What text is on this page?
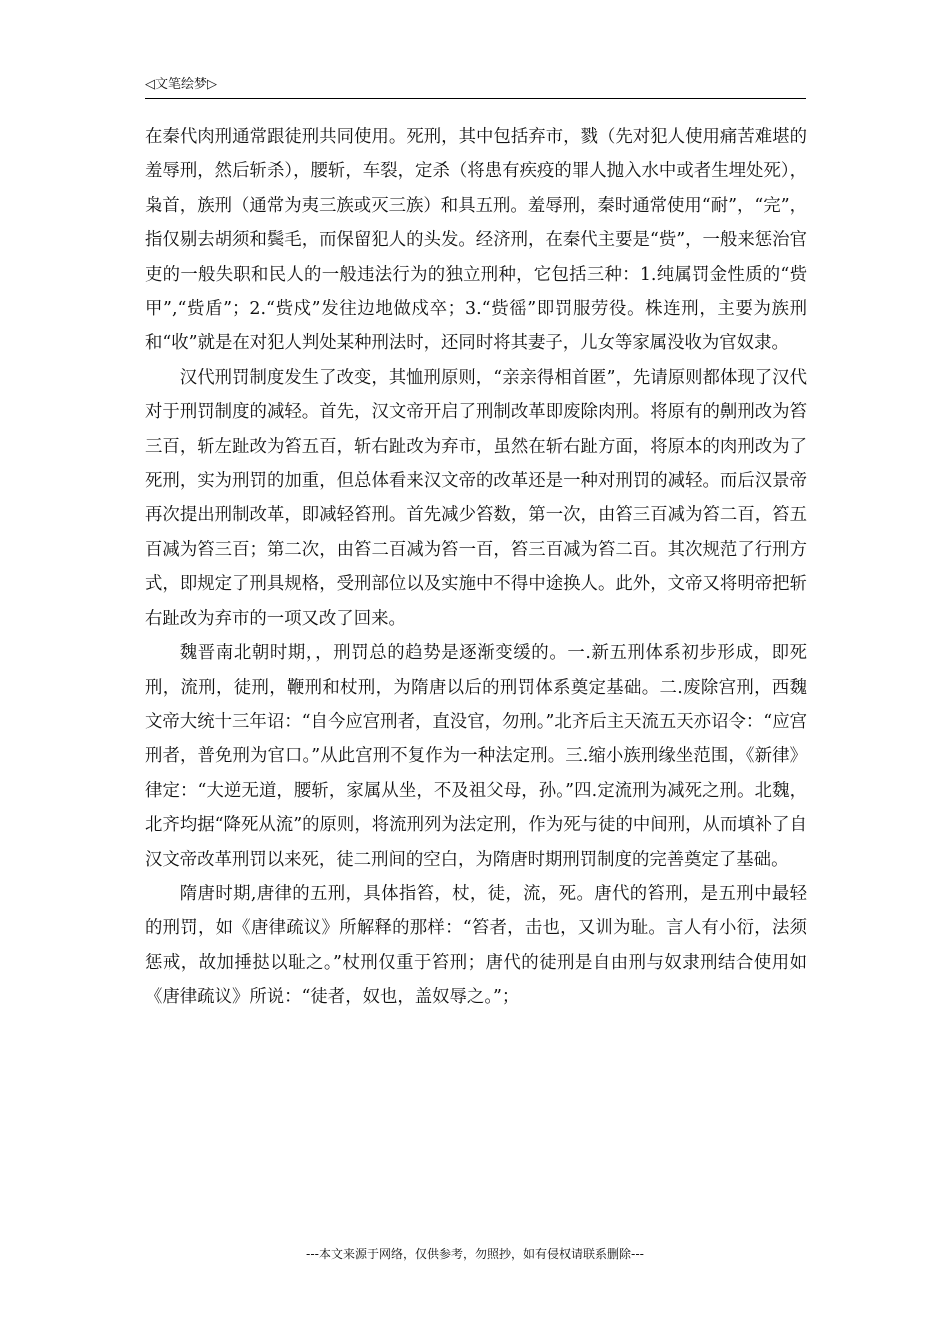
◁文笔绘梦▷

在秦代肉刑通常跟徒刑共同使用。死刑，其中包括弃市，戮（先对犯人使用痛苦难堪的羞辱刑，然后斩杀），腰斩，车裂，定杀（将患有疾疫的罪人抛入水中或者生埋处死），枭首，族刑（通常为夷三族或灭三族）和具五刑。羞辱刑，秦时通常使用“耐”，“完”，指仅剔去胡须和鬓毛，而保留犯人的头发。经济刑，在秦代主要是“赀”，一般来惩治官吏的一般失职和民人的一般违法行为的独立刑种，它包括三种：1.纯属罚金性质的“赀甲”,“赀盾”；2.“赀戍”发往边地做戍卒；3.“赀徭”即罚服劳役。株连刑，主要为族刑和“收”就是在对犯人判处某种刑法时，还同时将其妻子，儿女等家属没收为官奴隶。

汉代刑罚制度发生了改变，其恤刑原则，“亲亲得相首匿”，先请原则都体现了汉代对于刑罚制度的减轻。首先，汉文帝开启了刑制改革即废除肉刑。将原有的劓刑改为笞三百，斩左趾改为笞五百，斩右趾改为弃市，虽然在斩右趾方面，将原本的肉刑改为了死刑，实为刑罚的加重，但总体看来汉文帝的改革还是一种对刑罚的减轻。而后汉景帝再次提出刑制改革，即减轻笞刑。首先减少笞数，第一次，由笞三百减为笞二百，笞五百减为笞三百；第二次，由笞二百减为笞一百，笞三百减为笞二百。其次规范了行刑方式，即规定了刑具规格，受刑部位以及实施中不得中途换人。此外，文帝又将明帝把斩右趾改为弃市的一项又改了回来。

魏晋南北朝时期，，刑罚总的趋势是逐渐变缓的。一.新五刑体系初步形成，即死刑，流刑，徒刑，鞭刑和杖刑，为隋唐以后的刑罚体系奠定基础。二.废除宫刑，西魏文帝大统十三年诏：“自今应宫刑者，直没官，勿刑。”北齐后主天流五天亦诏令：“应宫刑者，普免刑为官口。”从此宫刑不复作为一种法定刑。三.缩小族刑缘坐范围，《新律》律定：“大逆无道，腰斩，家属从坐，不及祖父母，孙。”四.定流刑为减死之刑。北魏，北齐均据“降死从流”的原则，将流刑列为法定刑，作为死与徒的中间刑，从而填补了自汉文帝改革刑罚以来死，徒二刑间的空白，为隋唐时期刑罚制度的完善奠定了基础。

隋唐时期,唐律的五刑，具体指笞，杖，徒，流，死。唐代的笞刑，是五刑中最轻的刑罚，如《唐律疏议》所解释的那样：“笞者，击也，又训为耻。言人有小衍，法须惩戒，故加捶挞以耻之。”杖刑仅重于笞刑；唐代的徒刑是自由刑与奴隶刑结合使用如《唐律疏议》所说：“徒者，奴也，盖奴辱之。”；

---本文来源于网络，仅供参考，勿照抄，如有侵权请联系删除---
